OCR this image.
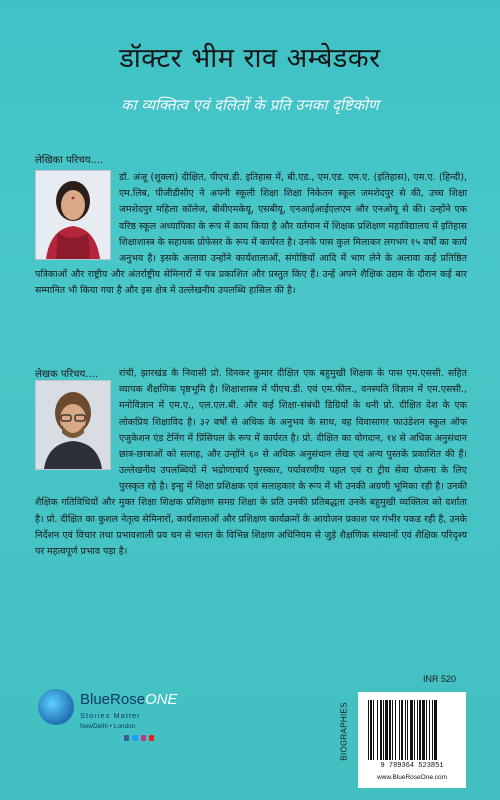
डॉक्टर भीम राव अम्बेडकर
का व्यक्तित्व एवं दलितों के प्रति उनका दृष्टिकोण
लेखिका परिचय....

डॉ. अंजू (शुक्ला) दीक्षित, पीएच.डी. इतिहास में, बी.एड., एम.एड. एम.ए. (इतिहास), एम.ए. (हिन्दी), एम.लिब, पीजीडीसीए ने अपनी स्कूली शिक्षा शिक्षा निकेतन स्कूल जमशेदपुर से की, उच्च शिक्षा जमशेदपुर महिला कॉलेज, बीवीएमकेयू, एसबीयू, एनआईआईएलएम और एनओयू से की। उन्होंने एक वरिष्ठ स्कूल अध्यापिका के रूप में काम किया है और वर्तमान में शिक्षक प्रशिक्षण महाविद्यालय में इतिहास शिक्षाशास्त्र के सहायक प्रोफेसर के रूप में कार्यरत है। उनके पास कुल मिलाकर लगभग १५ वर्षों का कार्य अनुभव है। इसके अलावा उन्होंने कार्यशालाओं, संगोष्ठियों आदि में भाग लेने के अलावा कई प्रतिष्ठित पत्रिकाओं और राष्ट्रीय और अंतर्राष्ट्रीय सेमिनारों में पत्र प्रकाशित और प्रस्तुत किए हैं। उन्हें अपने शैक्षिक उद्यम के दौरान कई बार सम्मानित भी किया गया है और इस क्षेत्र में उल्लेखनीय उपलब्धि हासिल की है।

लेखक परिचय....	रांची, झारखंड के निवासी प्रो. दिनकर कुमार दीक्षित एक बहुमुखी शिक्षक के पास एम.एससी. सहित व्यापक शैक्षणिक पृष्ठभूमि है। शिक्षाशास्त्र में पीएच.डी. एवं एम.फील., वनस्पति विज्ञान में एम.एससी., मनोविज्ञान में एम.ए., एल.एल.बी. और कई शिक्षा-संबंधी डिग्रियों के धनी प्रो. दीक्षित देश के एक लोकप्रिय शिक्षाविद है। ३२ वर्षों से अधिक के अनुभव के साथ, वह विवासागर फाउंडेशन स्कूल ऑफ एजुकेशन एंड टेनिंग में प्रिंसिपल के रूप में कार्यरत है। प्रो. दीक्षित का योगदान, १४ से अधिक अनुसंधान छात्र-छात्राओं को सलाह, और उन्होंने ६० से अधिक अनुसंधान लेख एवं अन्य पुस्तकें प्रकाशित की हैं। उल्लेखनीय उपलब्धियों में भद्रोणाचार्य पुरस्कार, पर्यावरणीय पहल एवं रा ट्रीय सेवा योजना के लिए पुरस्कृत रहे है। इन्हु में शिक्षा प्रशिक्षक एवं सलाहकार के रूप में भी उनकी अग्रणी भूमिका रही है। उनकी शैक्षिक गतिविधियों और मुक्त शिक्षा शिक्षक प्रशिक्षण समग्र शिक्षा के प्रति उनकी प्रतिबद्धता उनके बहुमुखी व्यक्तित्व को दर्शाता है। प्रो. दीक्षित का कुशल नेतृत्व सेमिनारों, कार्यशालाओं और प्रशिक्षण कार्यक्रमों के आयोजन प्रकाश पर गंभीर पकड रही है, उनके निर्देशन एवं विचार तथा प्रभावशाली प्रव चन से भारत के विभिन्न शिक्षण अधिनियम से जुड़े शैक्षणिक संस्थानों एवं शैक्षिक परिदृश्य पर महत्वपूर्ण प्रभाव पड़ा है।

BlueRoseONE
Stories Matter
NewDelhi • London	BIOGRAPHIES
INR 520
9 789364 523851
www.BlueRoseOne.com
